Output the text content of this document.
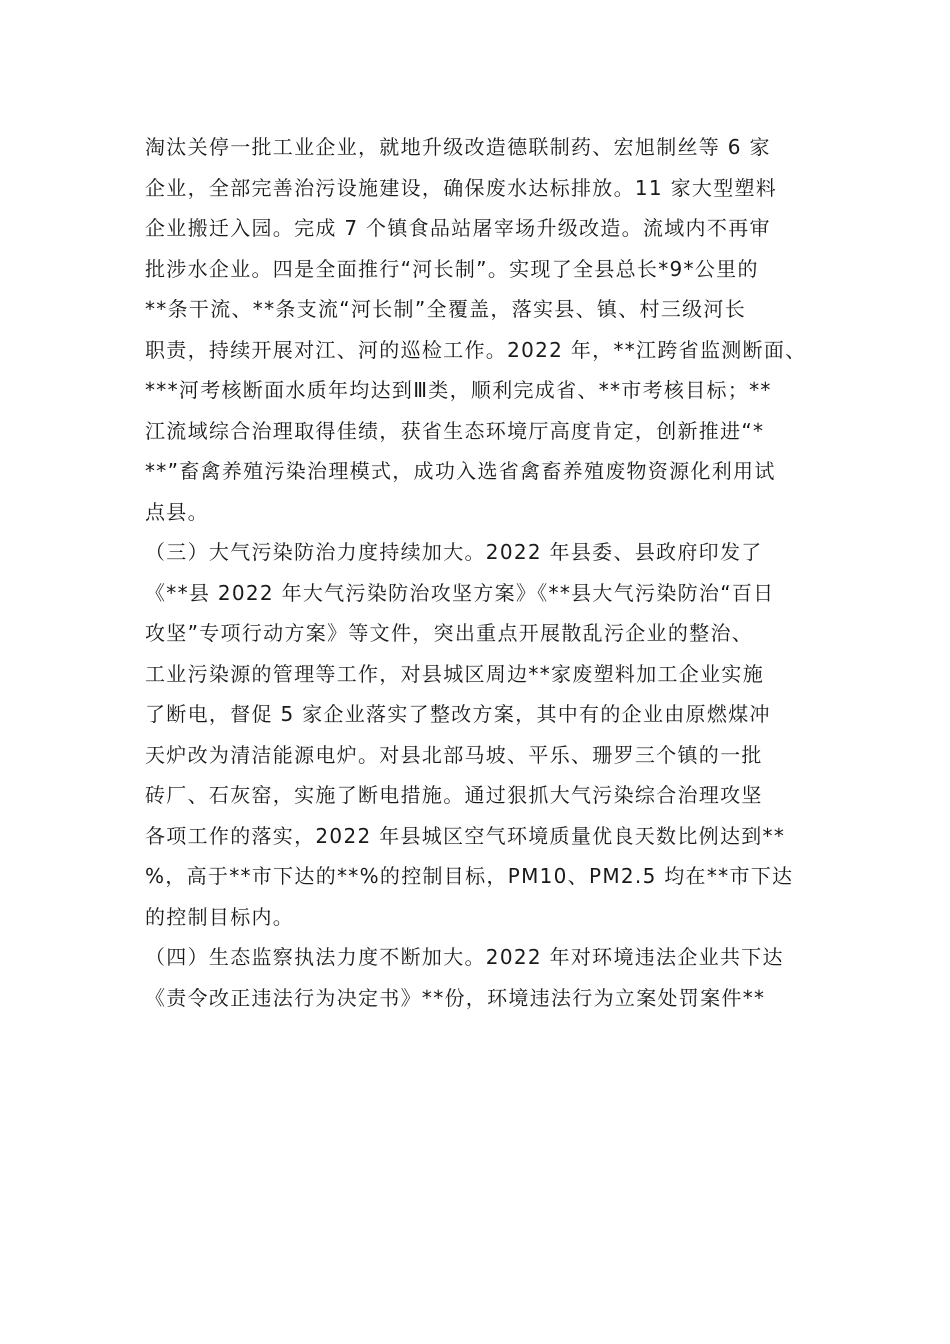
淘汰关停一批工业企业，就地升级改造德联制药、宏旭制丝等 6 家
企业，全部完善治污设施建设，确保废水达标排放。11 家大型塑料
企业搬迁入园。完成 7 个镇食品站屠宰场升级改造。流域内不再审
批涉水企业。四是全面推行“河长制”。实现了全县总长*9*公里的
**条干流、**条支流“河长制”全覆盖，落实县、镇、村三级河长
职责，持续开展对江、河的巡检工作。2022 年，**江跨省监测断面、
***河考核断面水质年均达到Ⅲ类，顺利完成省、**市考核目标；**
江流域综合治理取得佳绩，获省生态环境厅高度肯定，创新推进“*
**”畜禽养殖污染治理模式，成功入选省禽畜养殖废物资源化利用试
点县。
（三）大气污染防治力度持续加大。2022 年县委、县政府印发了
《**县 2022 年大气污染防治攻坚方案》《**县大气污染防治“百日
攻坚”专项行动方案》等文件，突出重点开展散乱污企业的整治、
工业污染源的管理等工作，对县城区周边**家废塑料加工企业实施
了断电，督促 5 家企业落实了整改方案，其中有的企业由原燃煤冲
天炉改为清洁能源电炉。对县北部马坡、平乐、珊罗三个镇的一批
砖厂、石灰窑，实施了断电措施。通过狠抓大气污染综合治理攻坚
各项工作的落实，2022 年县城区空气环境质量优良天数比例达到**
%，高于**市下达的**%的控制目标，PM10、PM2.5 均在**市下达
的控制目标内。
（四）生态监察执法力度不断加大。2022 年对环境违法企业共下达
《责令改正违法行为决定书》**份，环境违法行为立案处罚案件**
